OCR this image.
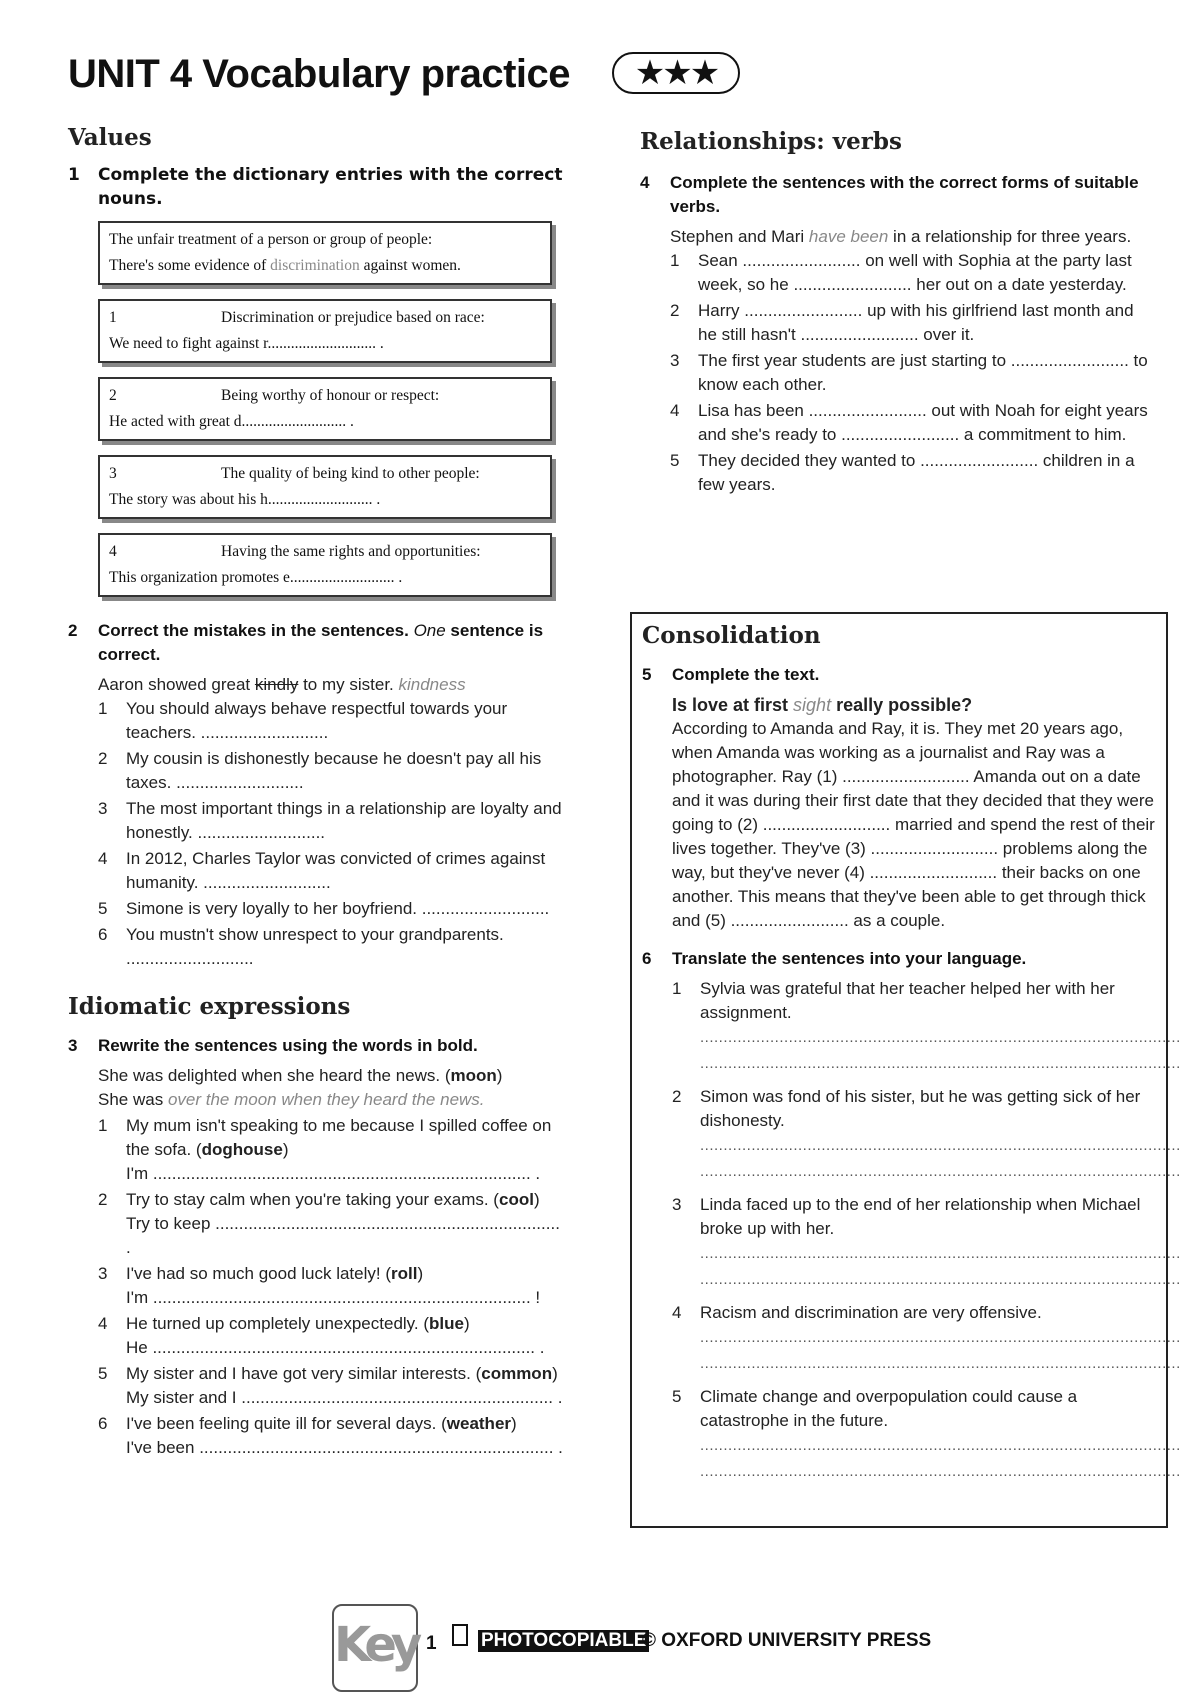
UNIT 4 Vocabulary practice	★★★
Values
1 Complete the dictionary entries with the correct nouns.
The unfair treatment of a person or group of people:
There's some evidence of discrimination against women.
1	Discrimination or prejudice based on race:
We need to fight against r............................ .
2	Being worthy of honour or respect:
He acted with great d........................... .
3	The quality of being kind to other people:
The story was about his h........................... .
4	Having the same rights and opportunities:
This organization promotes e........................... .
2 Correct the mistakes in the sentences. One sentence is correct.
Aaron showed great kindly to my sister. kindness
1 You should always behave respectful towards your teachers. ...........................
2 My cousin is dishonestly because he doesn't pay all his taxes. ...........................
3 The most important things in a relationship are loyalty and honestly. ...........................
4 In 2012, Charles Taylor was convicted of crimes against humanity. ...........................
5 Simone is very loyally to her boyfriend. ...........................
6 You mustn't show unrespect to your grandparents. ...........................
Idiomatic expressions
3 Rewrite the sentences using the words in bold.
She was delighted when she heard the news. (moon)
She was over the moon when they heard the news.
1 My mum isn't speaking to me because I spilled coffee on the sofa. (doghouse)
I'm ................................................................................ .
2 Try to stay calm when you're taking your exams. (cool)
Try to keep ......................................................................... .
3 I've had so much good luck lately! (roll)
I'm ................................................................................ !
4 He turned up completely unexpectedly. (blue)
He ................................................................................. .
5 My sister and I have got very similar interests. (common)
My sister and I .................................................................. .
6 I've been feeling quite ill for several days. (weather)
I've been ........................................................................... .
Relationships: verbs
4 Complete the sentences with the correct forms of suitable verbs.
Stephen and Mari have been in a relationship for three years.
1 Sean ......................... on well with Sophia at the party last week, so he ......................... her out on a date yesterday.
2 Harry ......................... up with his girlfriend last month and he still hasn't ......................... over it.
3 The first year students are just starting to ......................... to know each other.
4 Lisa has been ......................... out with Noah for eight years and she's ready to ......................... a commitment to him.
5 They decided they wanted to ......................... children in a few years.
Consolidation
5 Complete the text.
Is love at first sight really possible?
According to Amanda and Ray, it is. They met 20 years ago, when Amanda was working as a journalist and Ray was a photographer. Ray (1) ........................... Amanda out on a date and it was during their first date that they decided that they were going to (2) ........................... married and spend the rest of their lives together. They've (3) ........................... problems along the way, but they've never (4) ........................... their backs on one another. This means that they've been able to get through thick and (5) ......................... as a couple.
6 Translate the sentences into your language.
1 Sylvia was grateful that her teacher helped her with her assignment.
.......................................................................................................
.......................................................................................................
2 Simon was fond of his sister, but he was getting sick of her dishonesty.
.......................................................................................................
.......................................................................................................
3 Linda faced up to the end of her relationship when Michael broke up with her.
.......................................................................................................
.......................................................................................................
4 Racism and discrimination are very offensive.
.......................................................................................................
.......................................................................................................
5 Climate change and overpopulation could cause a catastrophe in the future.
.......................................................................................................
.......................................................................................................
Key 1 PHOTOCOPIABLE
© OXFORD UNIVERSITY PRESS
